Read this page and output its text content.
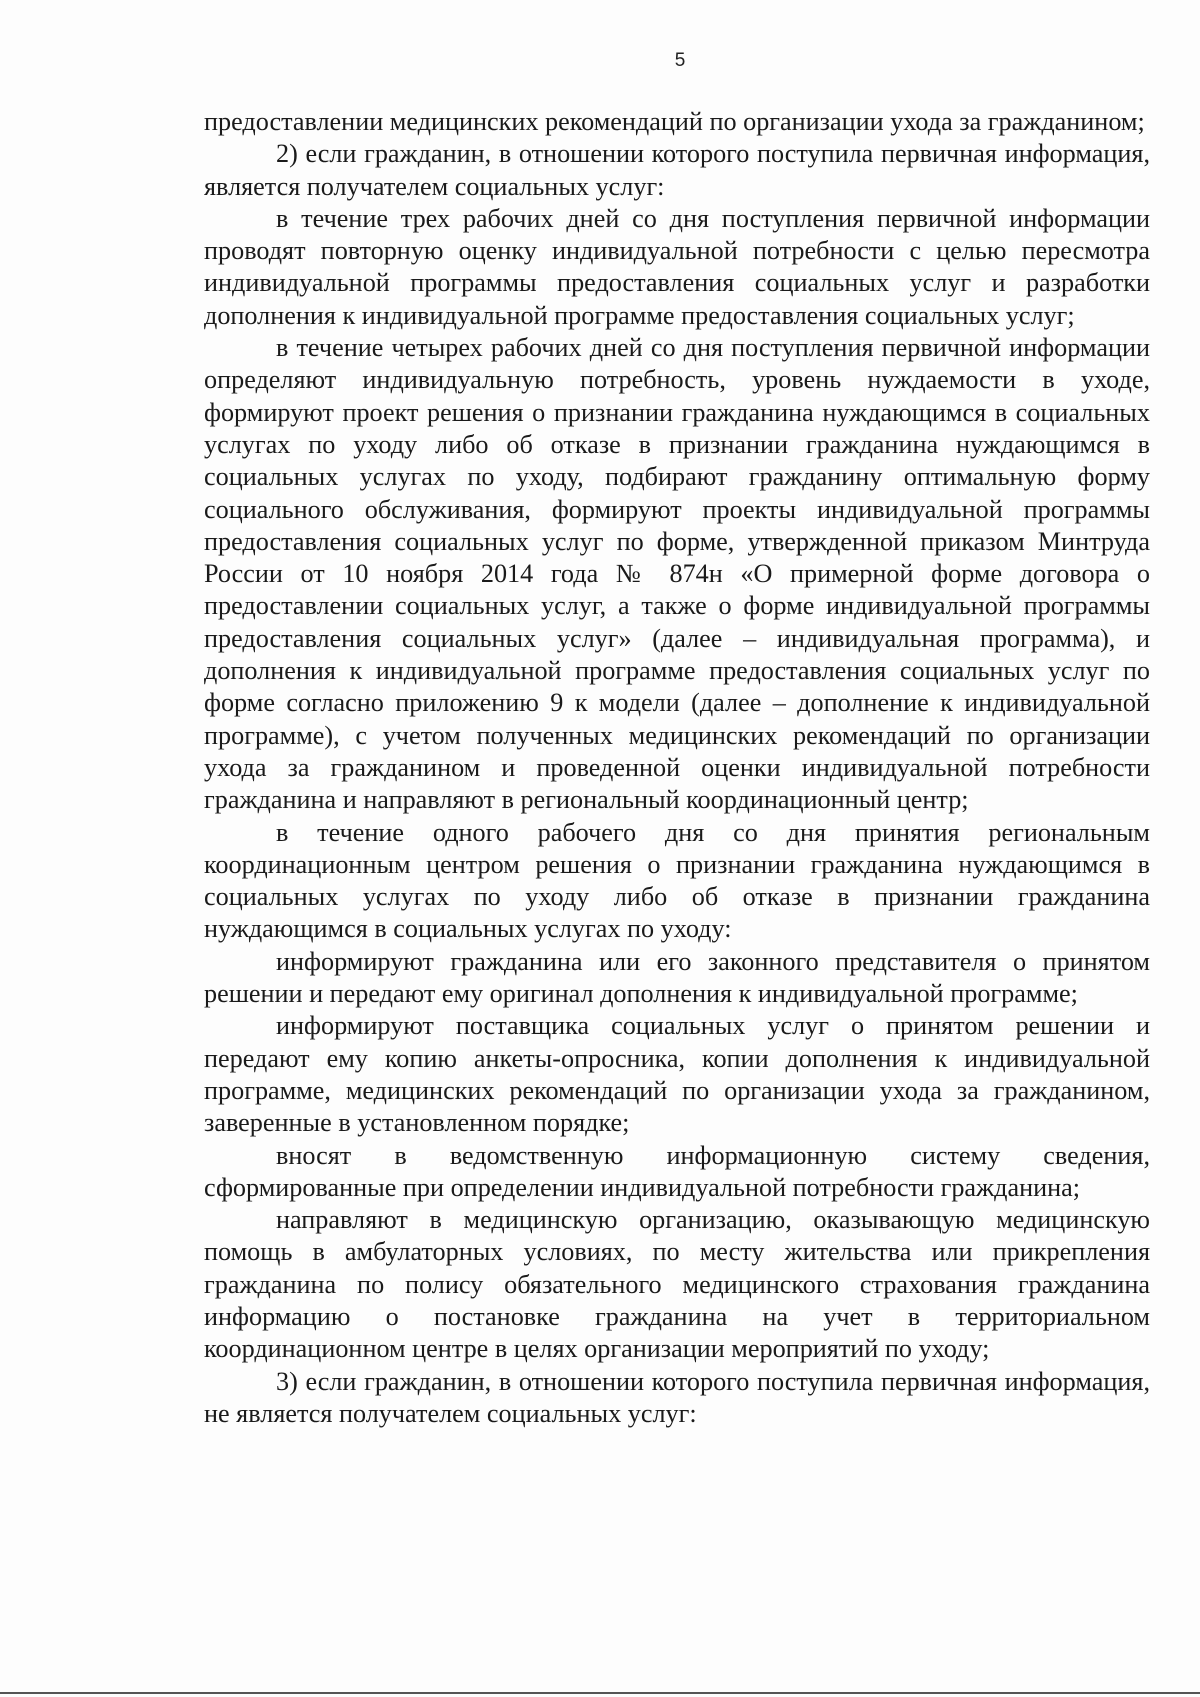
5

предоставлении медицинских рекомендаций по организации ухода за гражданином;

2) если гражданин, в отношении которого поступила первичная информация, является получателем социальных услуг:

в течение трех рабочих дней со дня поступления первичной информации проводят повторную оценку индивидуальной потребности с целью пересмотра индивидуальной программы предоставления социальных услуг и разработки дополнения к индивидуальной программе предоставления социальных услуг;

в течение четырех рабочих дней со дня поступления первичной информации определяют индивидуальную потребность, уровень нуждаемости в уходе, формируют проект решения о признании гражданина нуждающимся в социальных услугах по уходу либо об отказе в признании гражданина нуждающимся в социальных услугах по уходу, подбирают гражданину оптимальную форму социального обслуживания, формируют проекты индивидуальной программы предоставления социальных услуг по форме, утвержденной приказом Минтруда России от 10 ноября 2014 года № 874н «О примерной форме договора о предоставлении социальных услуг, а также о форме индивидуальной программы предоставления социальных услуг» (далее – индивидуальная программа), и дополнения к индивидуальной программе предоставления социальных услуг по форме согласно приложению 9 к модели (далее – дополнение к индивидуальной программе), с учетом полученных медицинских рекомендаций по организации ухода за гражданином и проведенной оценки индивидуальной потребности гражданина и направляют в региональный координационный центр;

в течение одного рабочего дня со дня принятия региональным координационным центром решения о признании гражданина нуждающимся в социальных услугах по уходу либо об отказе в признании гражданина нуждающимся в социальных услугах по уходу:

информируют гражданина или его законного представителя о принятом решении и передают ему оригинал дополнения к индивидуальной программе;

информируют поставщика социальных услуг о принятом решении и передают ему копию анкеты-опросника, копии дополнения к индивидуальной программе, медицинских рекомендаций по организации ухода за гражданином, заверенные в установленном порядке;

вносят в ведомственную информационную систему сведения, сформированные при определении индивидуальной потребности гражданина;

направляют в медицинскую организацию, оказывающую медицинскую помощь в амбулаторных условиях, по месту жительства или прикрепления гражданина по полису обязательного медицинского страхования гражданина информацию о постановке гражданина на учет в территориальном координационном центре в целях организации мероприятий по уходу;

3) если гражданин, в отношении которого поступила первичная информация, не является получателем социальных услуг:
